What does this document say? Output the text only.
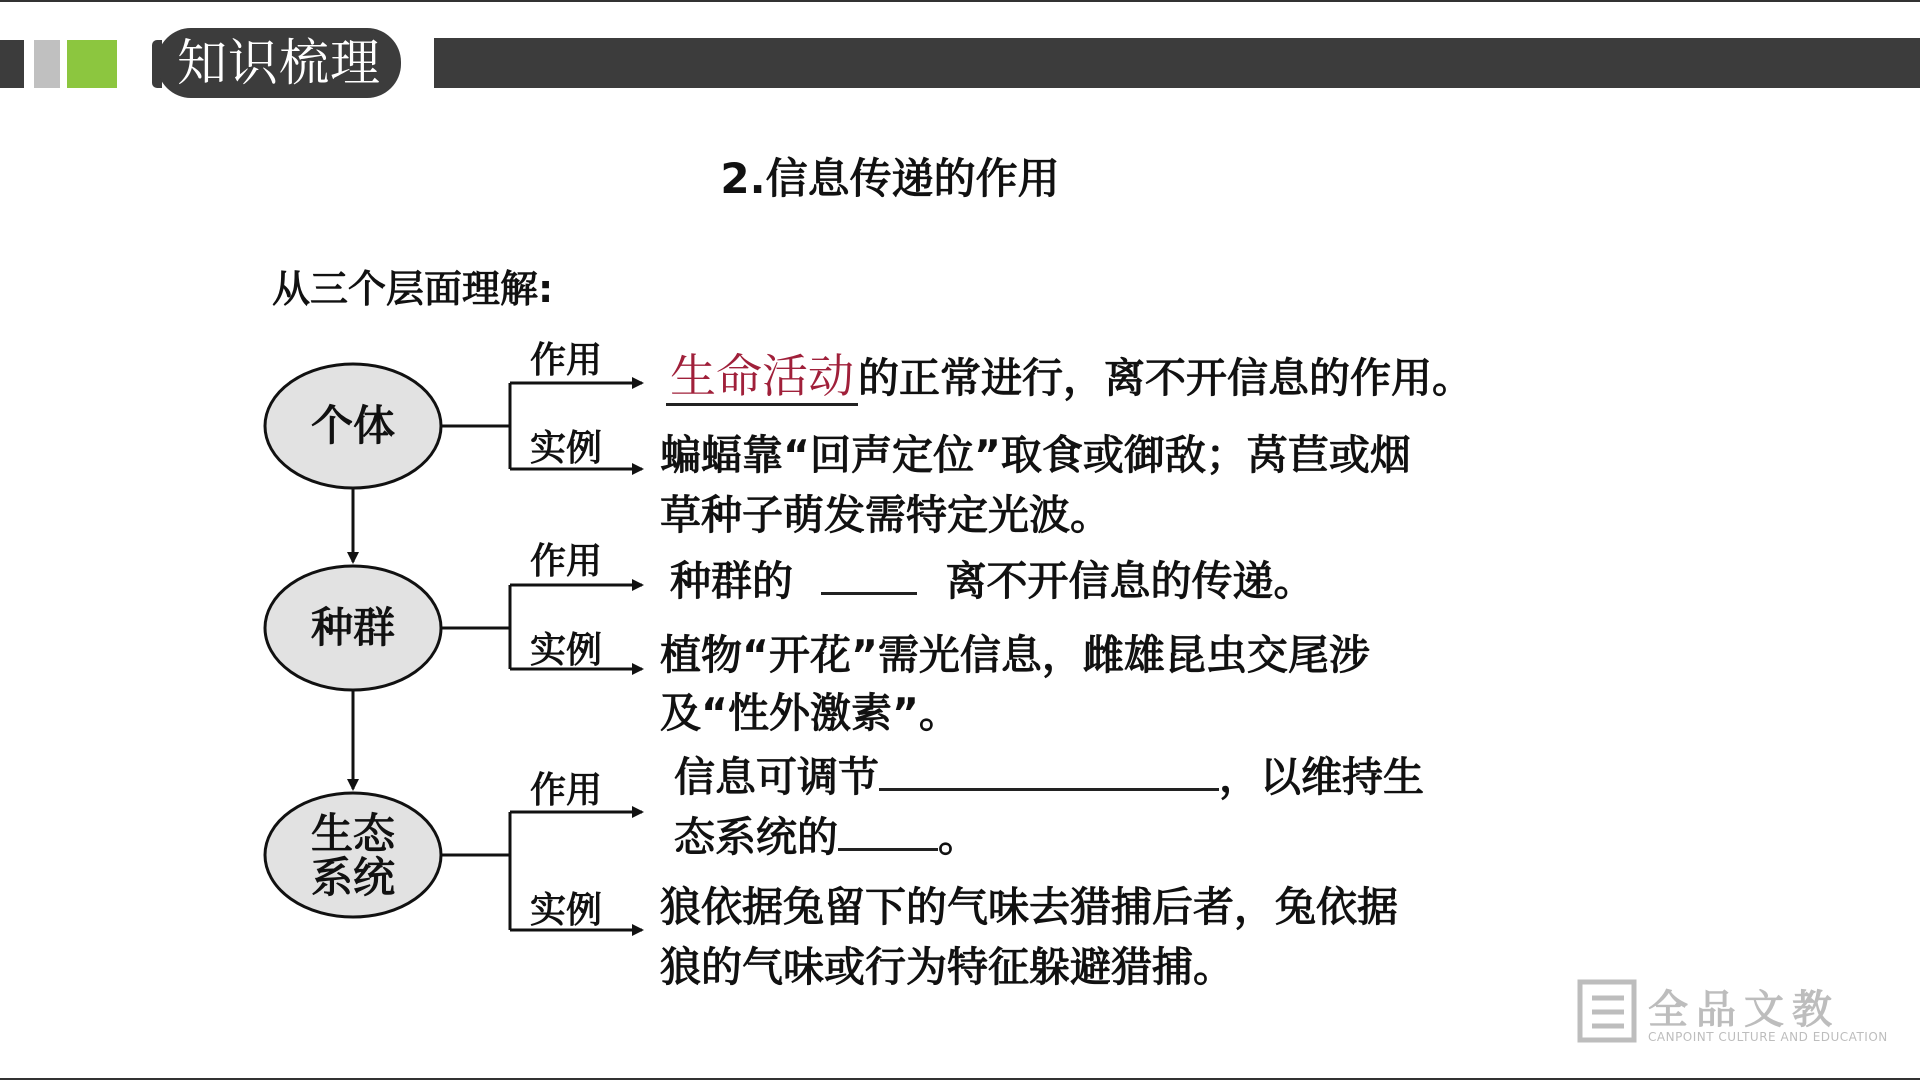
知识梳理
2.信息传递的作用
从三个层面理解:
个体
种群
生态
系统
作用
实例
生命活动的正常进行，离不开信息的作用。
蝙蝠靠“回声定位”取食或御敌；莴苣或烟
草种子萌发需特定光波。
作用
实例
种群的	离不开信息的传递。
植物“开花”需光信息，雌雄昆虫交尾涉
及“性外激素”。
作用
实例
信息可调节	，以维持生
态系统的 。
狼依据兔留下的气味去猎捕后者，兔依据
狼的气味或行为特征躲避猎捕。
全品文教
CANPOINT CULTURE AND EDUCATION
